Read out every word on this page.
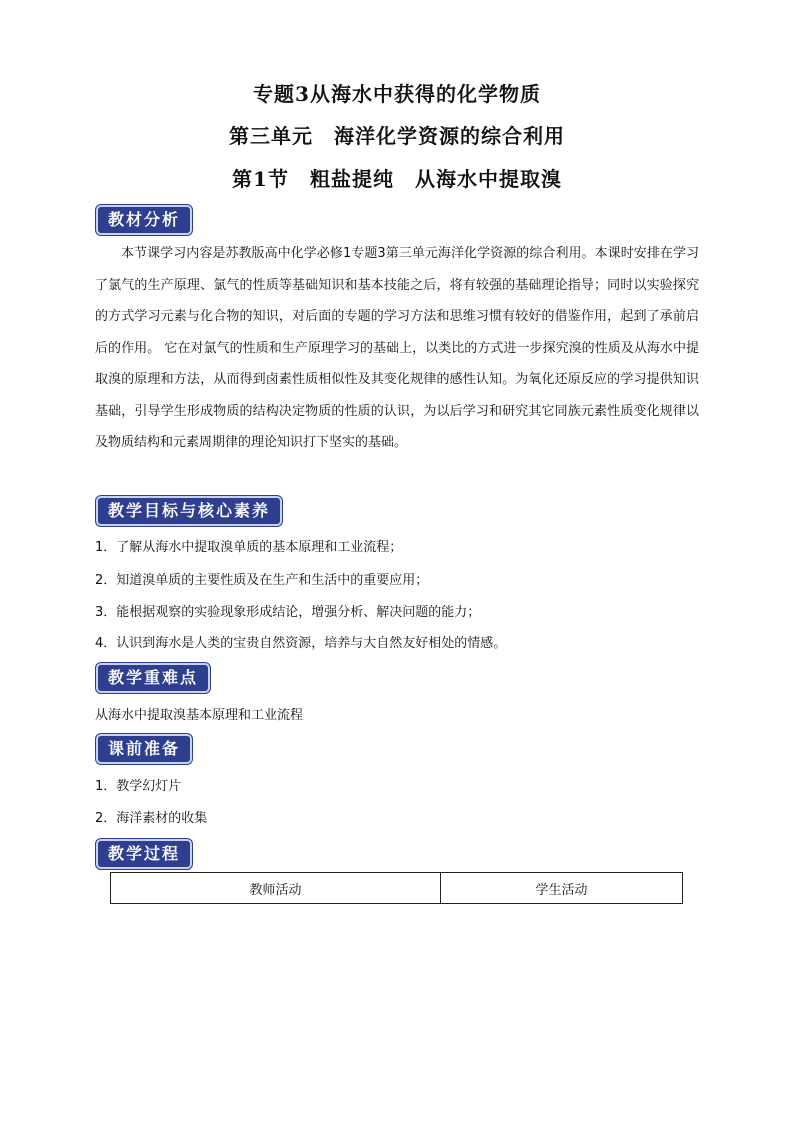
专题3从海水中获得的化学物质
第三单元　海洋化学资源的综合利用
第1节　粗盐提纯　从海水中提取溴
教材分析

本节课学习内容是苏教版高中化学必修1专题3第三单元海洋化学资源的综合利用。本课时安排在学习了氯气的生产原理、氯气的性质等基础知识和基本技能之后，将有较强的基础理论指导；同时以实验探究的方式学习元素与化合物的知识，对后面的专题的学习方法和思维习惯有较好的借鉴作用，起到了承前启后的作用。 它在对氯气的性质和生产原理学习的基础上，以类比的方式进一步探究溴的性质及从海水中提取溴的原理和方法，从而得到卤素性质相似性及其变化规律的感性认知。为氧化还原反应的学习提供知识基础，引导学生形成物质的结构决定物质的性质的认识，为以后学习和研究其它同族元素性质变化规律以及物质结构和元素周期律的理论知识打下坚实的基础。

教学目标与核心素养
1．了解从海水中提取溴单质的基本原理和工业流程；
2．知道溴单质的主要性质及在生产和生活中的重要应用；
3．能根据观察的实验现象形成结论，增强分析、解决问题的能力；
4．认识到海水是人类的宝贵自然资源，培养与大自然友好相处的情感。
教学重难点
从海水中提取溴基本原理和工业流程
课前准备
1．教学幻灯片
2．海洋素材的收集
教学过程
教师活动	学生活动
